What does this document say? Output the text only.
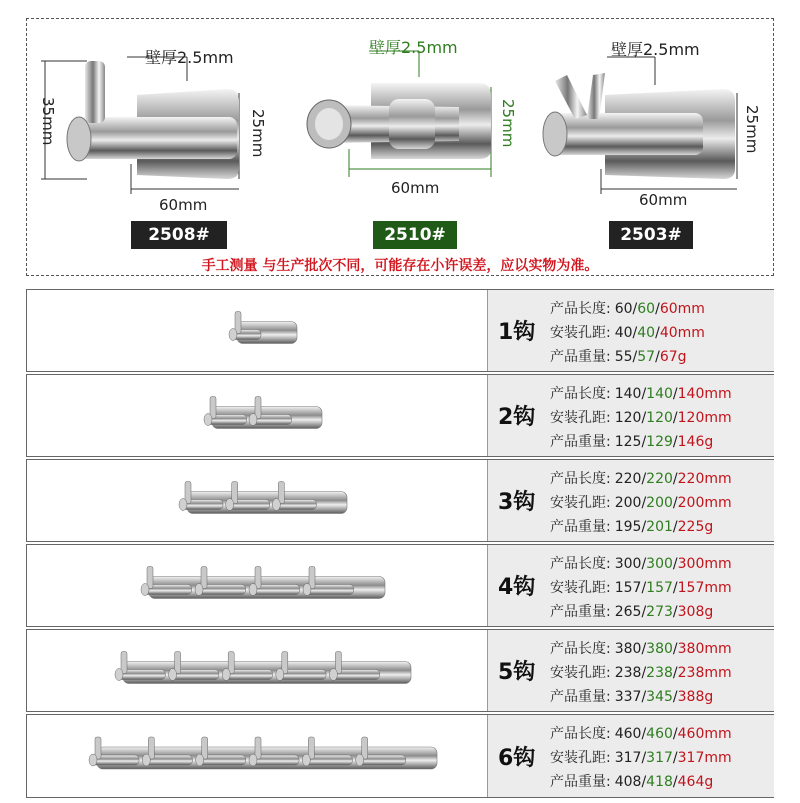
壁厚2.5mm
35mm	25mm
60mm
2508#
壁厚2.5mm
25mm
60mm
2510#
壁厚2.5mm
25mm
60mm
2503#
手工测量 与生产批次不同，可能存在小许误差，应以实物为准。
1钩
产品长度: 60/60/60mm
安装孔距: 40/40/40mm
产品重量: 55/57/67g
2钩
产品长度: 140/140/140mm
安装孔距: 120/120/120mm
产品重量: 125/129/146g
3钩
产品长度: 220/220/220mm
安装孔距: 200/200/200mm
产品重量: 195/201/225g
4钩
产品长度: 300/300/300mm
安装孔距: 157/157/157mm
产品重量: 265/273/308g
5钩
产品长度: 380/380/380mm
安装孔距: 238/238/238mm
产品重量: 337/345/388g
6钩
产品长度: 460/460/460mm
安装孔距: 317/317/317mm
产品重量: 408/418/464g
